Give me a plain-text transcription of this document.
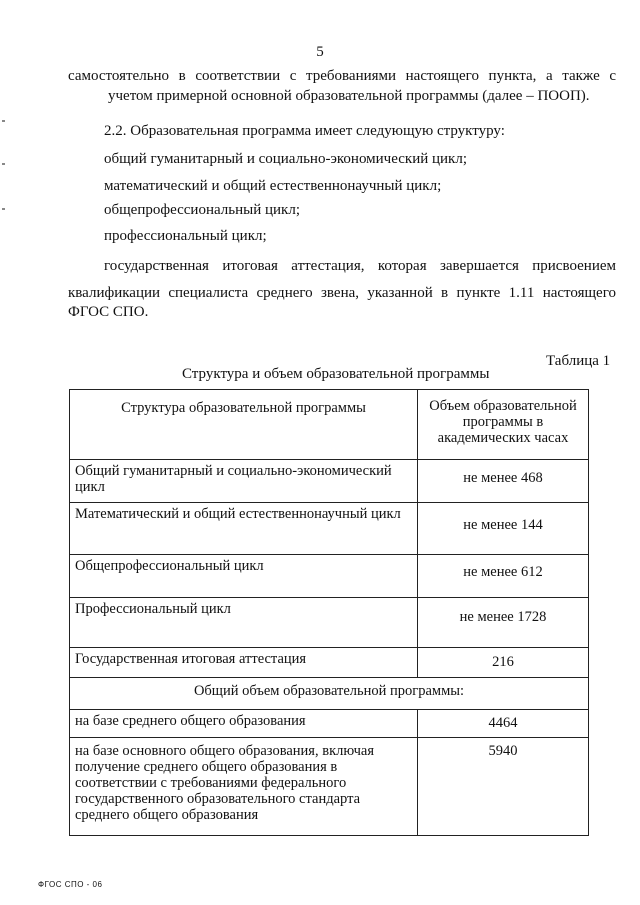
5
самостоятельно в соответствии с требованиями настоящего пункта, а также с
учетом примерной основной образовательной программы (далее – ПООП).
2.2. Образовательная программа имеет следующую структуру:
общий гуманитарный и социально-экономический цикл;
математический и общий естественнонаучный цикл;
общепрофессиональный цикл;
профессиональный цикл;
государственная итоговая аттестация, которая завершается присвоением
квалификации специалиста среднего звена, указанной в пункте 1.11 настоящего
ФГОС СПО.
Таблица 1
Структура и объем образовательной программы
Структура образовательной программы	Объем образовательной программы в академических часах
Общий гуманитарный и социально-экономический цикл	не менее 468
Математический и общий естественнонаучный цикл	не менее 144
Общепрофессиональный цикл	не менее 612
Профессиональный цикл	не менее 1728
Государственная итоговая аттестация	216
Общий объем образовательной программы:	
на базе среднего общего образования	4464
на базе основного общего образования, включая получение среднего общего образования в соответствии с требованиями федерального государственного образовательного стандарта среднего общего образования	5940
ФГОС СПО - 06
